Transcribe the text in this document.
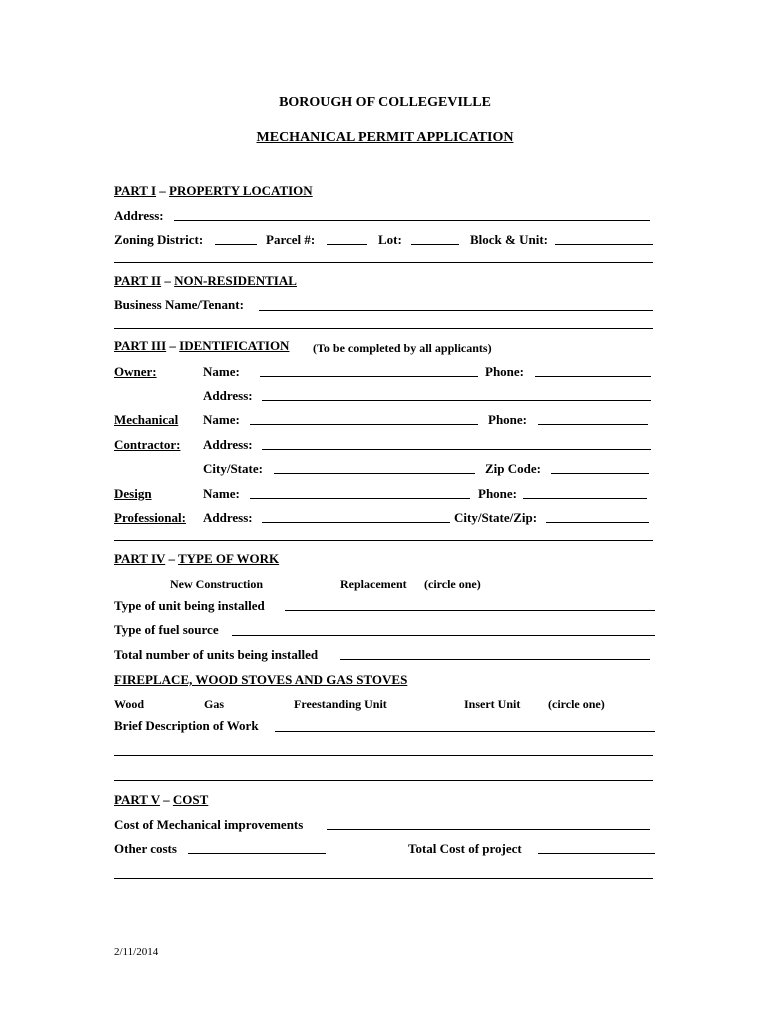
BOROUGH OF COLLEGEVILLE
MECHANICAL PERMIT APPLICATION
PART I – PROPERTY LOCATION
Address:
Zoning District:	Parcel #:	Lot:	Block & Unit:
PART II – NON-RESIDENTIAL
Business Name/Tenant:
PART III – IDENTIFICATION (To be completed by all applicants)
Owner:	Name:	Phone:
Address:
Mechanical Name:	Phone:
Contractor: Address:
City/State:	Zip Code:
Design	Name:	Phone:
Professional: Address:	City/State/Zip:
PART IV – TYPE OF WORK
New Construction	Replacement (circle one)
Type of unit being installed
Type of fuel source
Total number of units being installed
FIREPLACE, WOOD STOVES AND GAS STOVES
Wood	Gas	Freestanding Unit	Insert Unit (circle one)
Brief Description of Work
PART V – COST
Cost of Mechanical improvements
Other costs	Total Cost of project
2/11/2014
